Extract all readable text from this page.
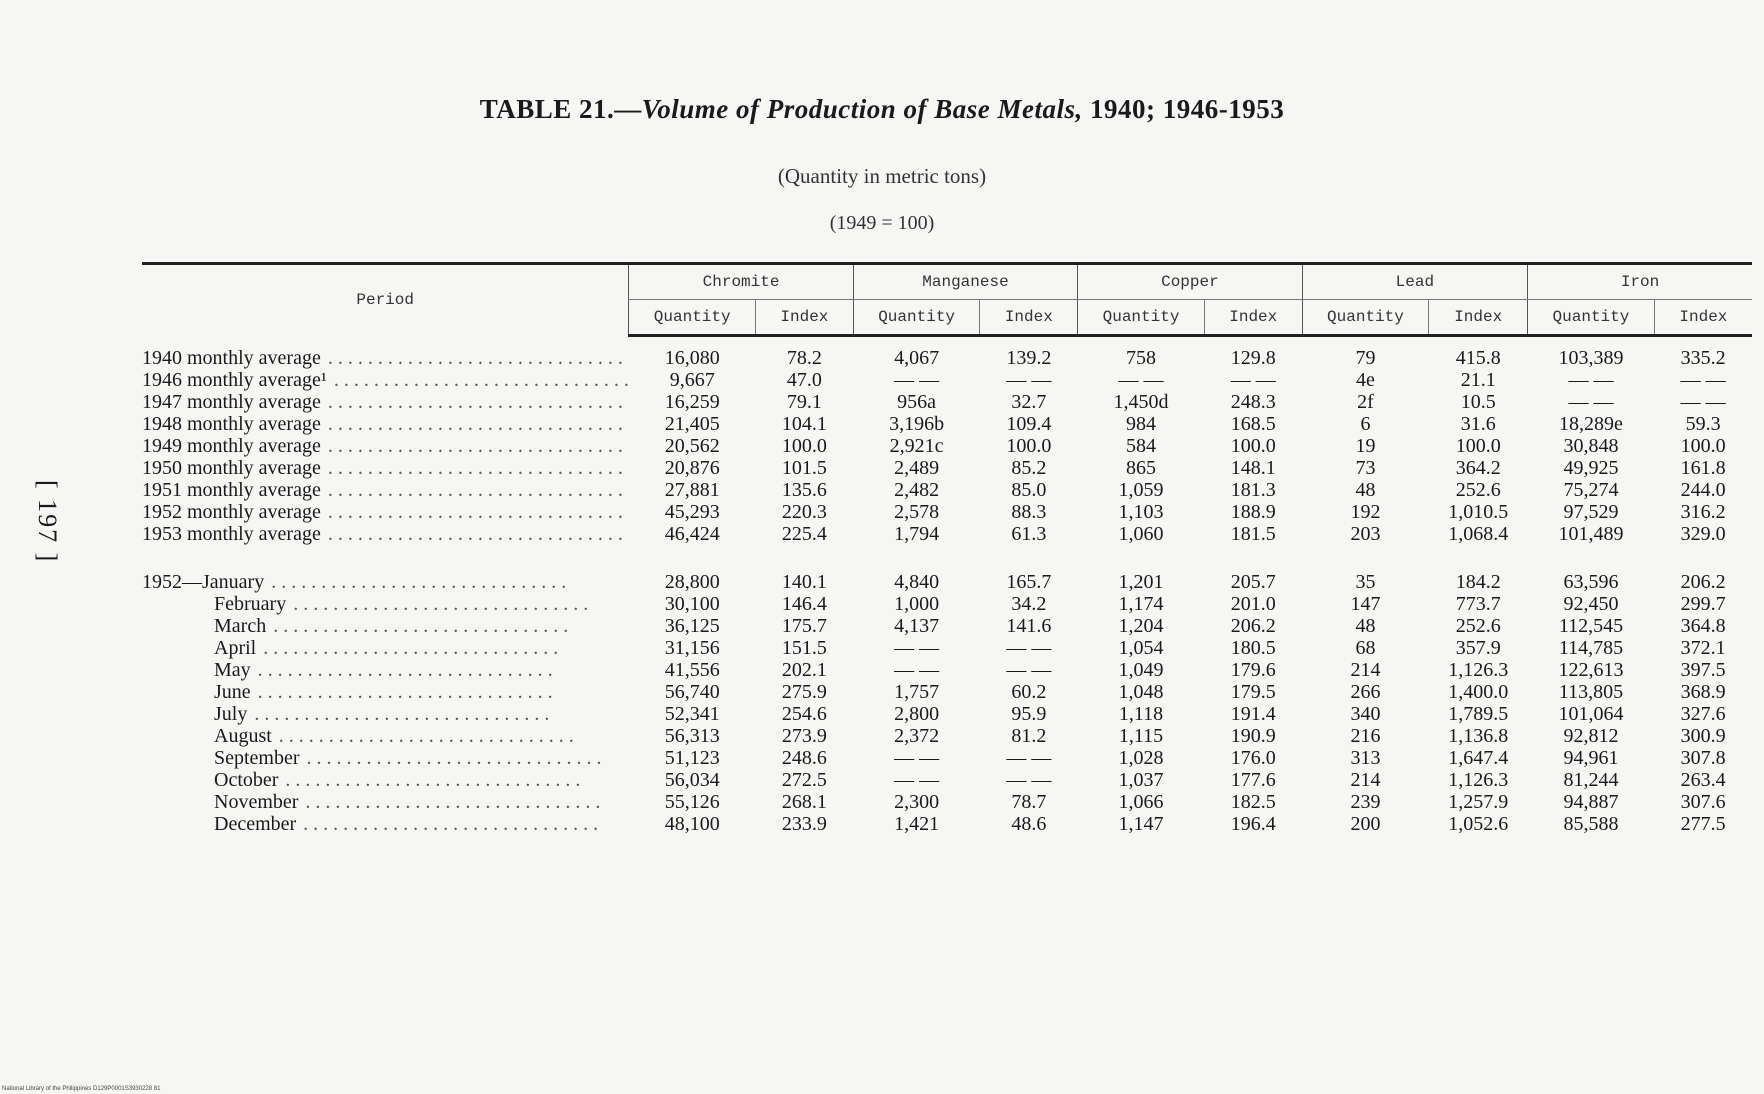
TABLE 21.—Volume of Production of Base Metals, 1940; 1946-1953
(Quantity in metric tons)
(1949 = 100)
[ 197 ]
Period	Chromite		Manganese		Copper		Lead		Iron	
	Quantity	Index	Quantity	Index	Quantity	Index	Quantity	Index	Quantity	Index

1940 monthly average . . .	16,080	78.2	4,067	139.2	758	129.8	79	415.8	103,389	335.2
1946 monthly average¹ . . .	9,667	47.0	— —	— —	— —	— —	4e	21.1	— —	— —
1947 monthly average . . .	16,259	79.1	956a	32.7	1,450d	248.3	2f	10.5	— —	— —
1948 monthly average . . .	21,405	104.1	3,196b	109.4	984	168.5	6	31.6	18,289e	59.3
1949 monthly average . . .	20,562	100.0	2,921c	100.0	584	100.0	19	100.0	30,848	100.0
1950 monthly average . . .	20,876	101.5	2,489	85.2	865	148.1	73	364.2	49,925	161.8
1951 monthly average . . .	27,881	135.6	2,482	85.0	1,059	181.3	48	252.6	75,274	244.0
1952 monthly average . . .	45,293	220.3	2,578	88.3	1,103	188.9	192	1,010.5	97,529	316.2
1953 monthly average . . .	46,424	225.4	1,794	61.3	1,060	181.5	203	1,068.4	101,489	329.0

1952—January . . .	28,800	140.1	4,840	165.7	1,201	205.7	35	184.2	63,596	206.2
February . . .	30,100	146.4	1,000	34.2	1,174	201.0	147	773.7	92,450	299.7
March . . .	36,125	175.7	4,137	141.6	1,204	206.2	48	252.6	112,545	364.8
April . . .	31,156	151.5	— —	— —	1,054	180.5	68	357.9	114,785	372.1
May . . .	41,556	202.1	— —	— —	1,049	179.6	214	1,126.3	122,613	397.5
June . . .	56,740	275.9	1,757	60.2	1,048	179.5	266	1,400.0	113,805	368.9
July . . .	52,341	254.6	2,800	95.9	1,118	191.4	340	1,789.5	101,064	327.6
August . . .	56,313	273.9	2,372	81.2	1,115	190.9	216	1,136.8	92,812	300.9
September . . .	51,123	248.6	— —	— —	1,028	176.0	313	1,647.4	94,961	307.8
October . . .	56,034	272.5	— —	— —	1,037	177.6	214	1,126.3	81,244	263.4
November . . .	55,126	268.1	2,300	78.7	1,066	182.5	239	1,257.9	94,887	307.6
December . . .	48,100	233.9	1,421	48.6	1,147	196.4	200	1,052.6	85,588	277.5
National Library of the Philippines D129P0001S3930228 81
